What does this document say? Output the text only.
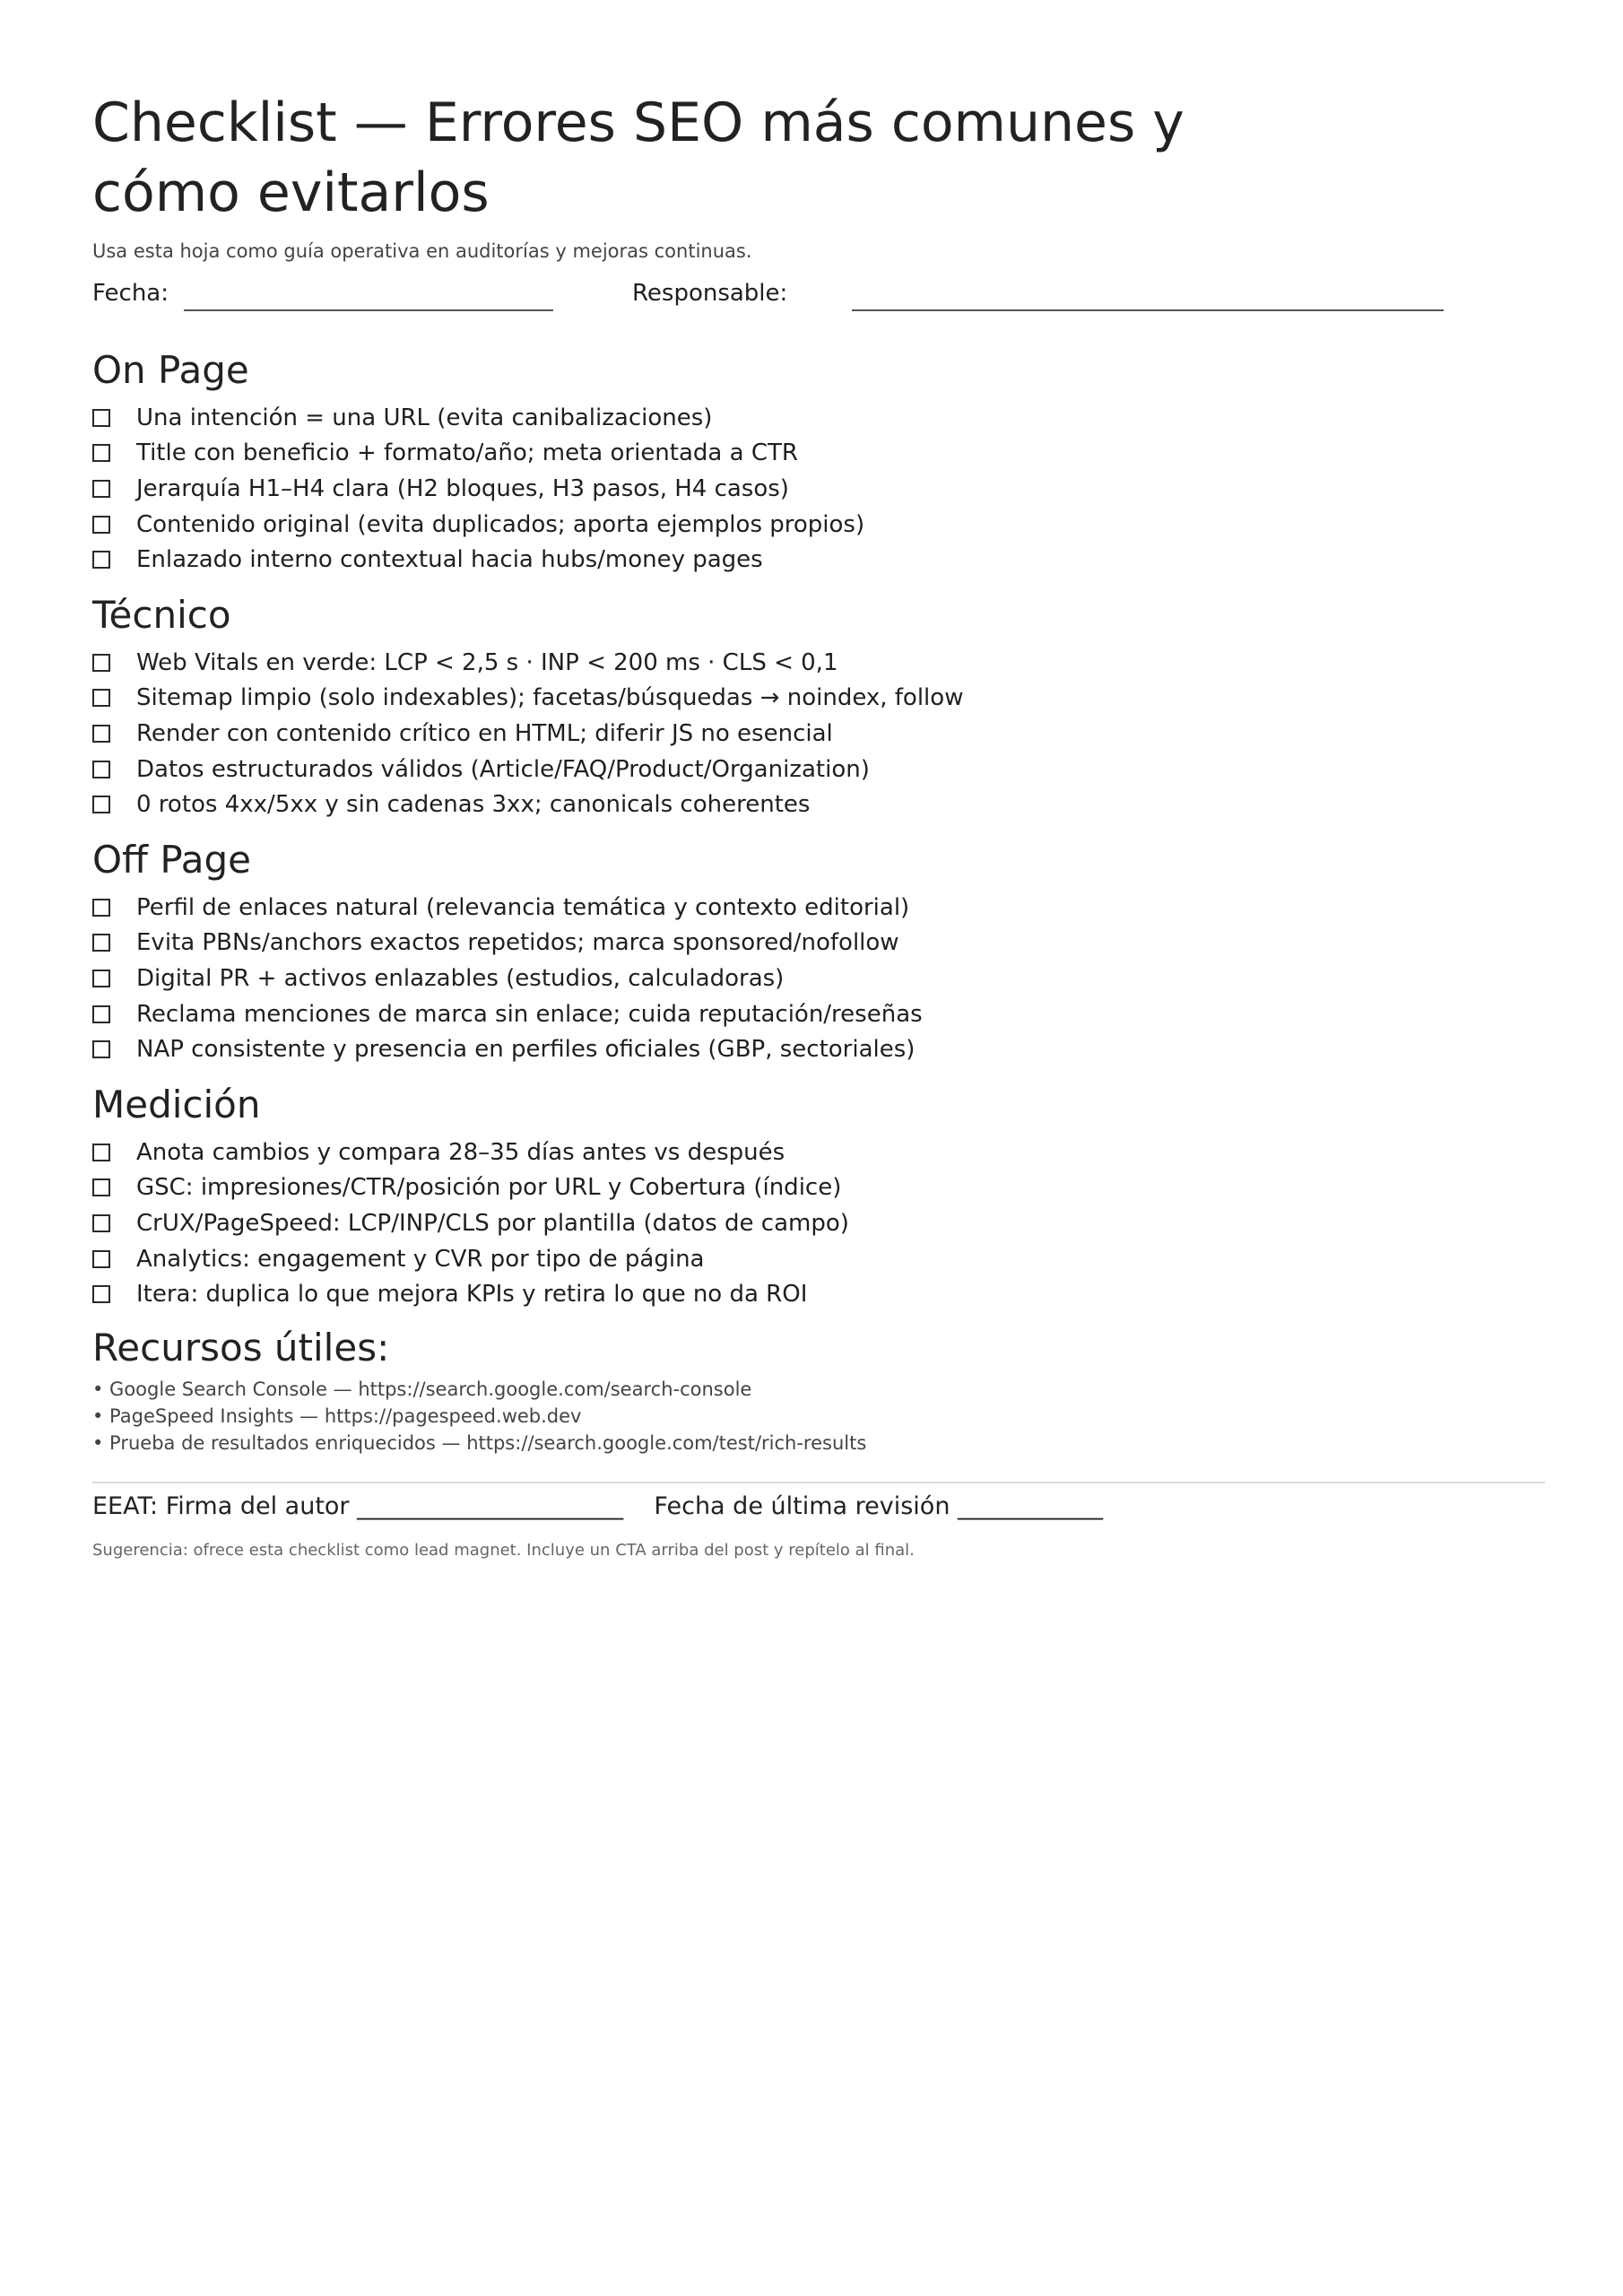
Checklist — Errores SEO más comunes y cómo evitarlos
Usa esta hoja como guía operativa en auditorías y mejoras continuas.
Fecha:	Responsable:
On Page
Una intención = una URL (evita canibalizaciones)
Title con beneficio + formato/año; meta orientada a CTR
Jerarquía H1–H4 clara (H2 bloques, H3 pasos, H4 casos)
Contenido original (evita duplicados; aporta ejemplos propios)
Enlazado interno contextual hacia hubs/money pages
Técnico
Web Vitals en verde: LCP < 2,5 s · INP < 200 ms · CLS < 0,1
Sitemap limpio (solo indexables); facetas/búsquedas → noindex, follow
Render con contenido crítico en HTML; diferir JS no esencial
Datos estructurados válidos (Article/FAQ/Product/Organization)
0 rotos 4xx/5xx y sin cadenas 3xx; canonicals coherentes
Off Page
Perfil de enlaces natural (relevancia temática y contexto editorial)
Evita PBNs/anchors exactos repetidos; marca sponsored/nofollow
Digital PR + activos enlazables (estudios, calculadoras)
Reclama menciones de marca sin enlace; cuida reputación/reseñas
NAP consistente y presencia en perfiles oficiales (GBP, sectoriales)
Medición
Anota cambios y compara 28–35 días antes vs después
GSC: impresiones/CTR/posición por URL y Cobertura (índice)
CrUX/PageSpeed: LCP/INP/CLS por plantilla (datos de campo)
Analytics: engagement y CVR por tipo de página
Itera: duplica lo que mejora KPIs y retira lo que no da ROI
Recursos útiles:
• Google Search Console — https://search.google.com/search-console
• PageSpeed Insights — https://pagespeed.web.dev
• Prueba de resultados enriquecidos — https://search.google.com/test/rich-results
EEAT: Firma del autor ______________________    Fecha de última revisión ____________
Sugerencia: ofrece esta checklist como lead magnet. Incluye un CTA arriba del post y repítelo al final.
